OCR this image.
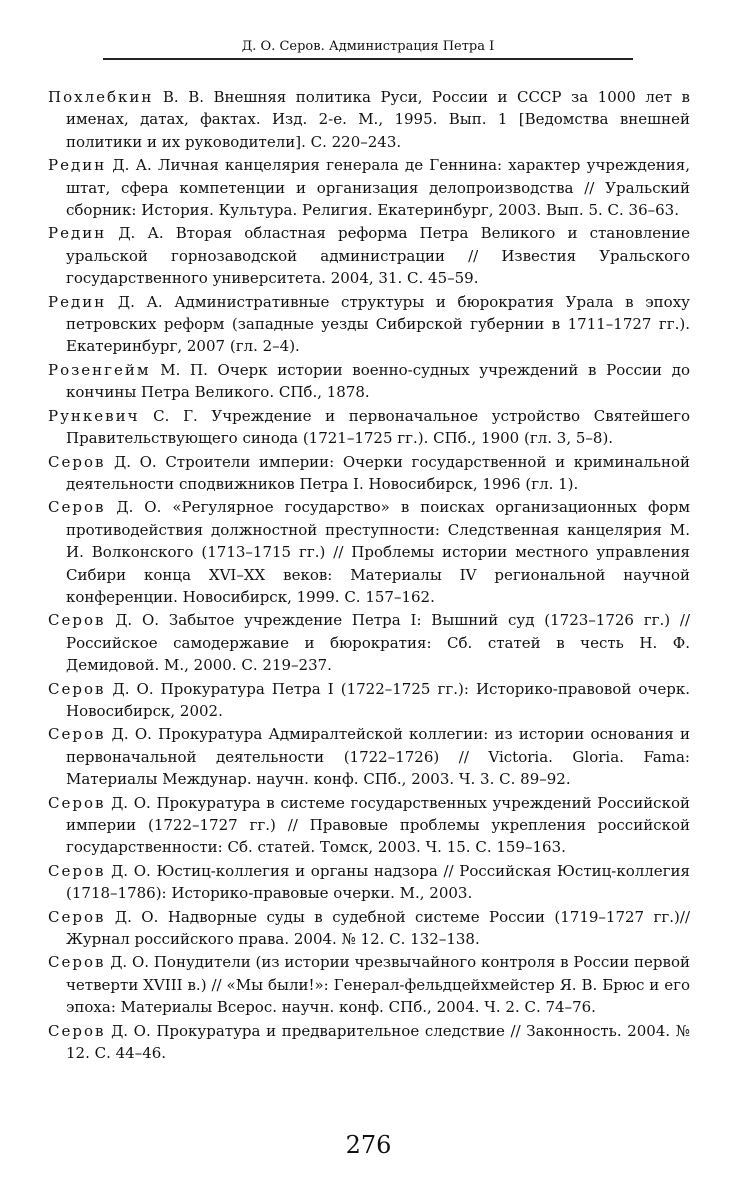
Д. О. Серов. Администрация Петра I

Похлебкин В. В. Внешняя политика Руси, России и СССР за 1000 лет в именах, датах, фактах. Изд. 2-е. М., 1995. Вып. 1 [Ведомства внешней политики и их руководители]. С. 220–243.

Редин Д. А. Личная канцелярия генерала де Геннина: характер учреждения, штат, сфера компетенции и организация делопроизводства // Уральский сборник: История. Культура. Религия. Екатеринбург, 2003. Вып. 5. С. 36–63.

Редин Д. А. Вторая областная реформа Петра Великого и становление уральской горнозаводской администрации // Известия Уральского государственного университета. 2004, 31. С. 45–59.

Редин Д. А. Административные структуры и бюрократия Урала в эпоху петровских реформ (западные уезды Сибирской губернии в 1711–1727 гг.). Екатеринбург, 2007 (гл. 2–4).

Розенгейм М. П. Очерк истории военно-судных учреждений в России до кончины Петра Великого. СПб., 1878.

Рункевич С. Г. Учреждение и первоначальное устройство Святейшего Правительствующего синода (1721–1725 гг.). СПб., 1900 (гл. 3, 5–8).

Серов Д. О. Строители империи: Очерки государственной и криминальной деятельности сподвижников Петра I. Новосибирск, 1996 (гл. 1).

Серов Д. О. «Регулярное государство» в поисках организационных форм противодействия должностной преступности: Следственная канцелярия М. И. Волконского (1713–1715 гг.) // Проблемы истории местного управления Сибири конца XVI–XX веков: Материалы IV региональной научной конференции. Новосибирск, 1999. С. 157–162.

Серов Д. О. Забытое учреждение Петра I: Вышний суд (1723–1726 гг.) // Российское самодержавие и бюрократия: Сб. статей в честь Н. Ф. Демидовой. М., 2000. С. 219–237.

Серов Д. О. Прокуратура Петра I (1722–1725 гг.): Историко-правовой очерк. Новосибирск, 2002.

Серов Д. О. Прокуратура Адмиралтейской коллегии: из истории основания и первоначальной деятельности (1722–1726) // Victoria. Gloria. Fama: Материалы Междунар. научн. конф. СПб., 2003. Ч. 3. С. 89–92.

Серов Д. О. Прокуратура в системе государственных учреждений Российской империи (1722–1727 гг.) // Правовые проблемы укрепления российской государственности: Сб. статей. Томск, 2003. Ч. 15. С. 159–163.

Серов Д. О. Юстиц-коллегия и органы надзора // Российская Юстиц-коллегия (1718–1786): Историко-правовые очерки. М., 2003.

Серов Д. О. Надворные суды в судебной системе России (1719–1727 гг.)// Журнал российского права. 2004. № 12. С. 132–138.

Серов Д. О. Понудители (из истории чрезвычайного контроля в России первой четверти XVIII в.) // «Мы были!»: Генерал-фельдцейхмейстер Я. В. Брюс и его эпоха: Материалы Всерос. научн. конф. СПб., 2004. Ч. 2. С. 74–76.

Серов Д. О. Прокуратура и предварительное следствие // Законность. 2004. № 12. С. 44–46.

276
